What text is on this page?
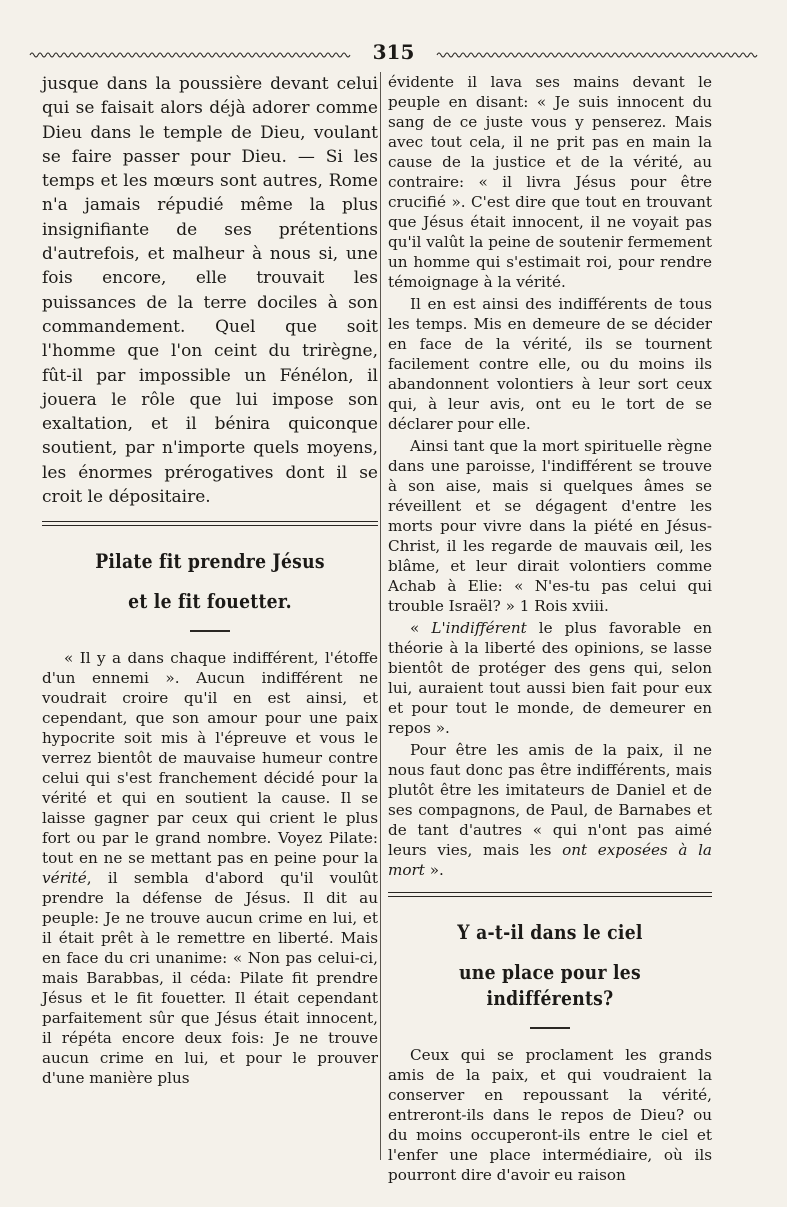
315

jusque dans la poussière devant celui qui se faisait alors déjà adorer comme Dieu dans le temple de Dieu, voulant se faire passer pour Dieu. — Si les temps et les mœurs sont autres, Rome n'a jamais répudié même la plus insignifiante de ses prétentions d'autrefois, et malheur à nous si, une fois encore, elle trouvait les puissances de la terre dociles à son commandement. Quel que soit l'homme que l'on ceint du trirègne, fût-il par impossible un Fénélon, il jouera le rôle que lui impose son exaltation, et il bénira quiconque soutient, par n'importe quels moyens, les énormes prérogatives dont il se croit le dépositaire.

Pilate fit prendre Jésus
et le fit fouetter.

« Il y a dans chaque indifférent, l'étoffe d'un ennemi ». Aucun indifférent ne voudrait croire qu'il en est ainsi, et cependant, que son amour pour une paix hypocrite soit mis à l'épreuve et vous le verrez bientôt de mauvaise humeur contre celui qui s'est franchement décidé pour la vérité et qui en soutient la cause. Il se laisse gagner par ceux qui crient le plus fort ou par le grand nombre. Voyez Pilate: tout en ne se mettant pas en peine pour la vérité, il sembla d'abord qu'il voulût prendre la défense de Jésus. Il dit au peuple: Je ne trouve aucun crime en lui, et il était prêt à le remettre en liberté. Mais en face du cri unanime: « Non pas celui-ci, mais Barabbas, il céda: Pilate fit prendre Jésus et le fit fouetter. Il était cependant parfaitement sûr que Jésus était innocent, il répéta encore deux fois: Je ne trouve aucun crime en lui, et pour le prouver d'une manière plus

évidente il lava ses mains devant le peuple en disant: « Je suis innocent du sang de ce juste vous y penserez. Mais avec tout cela, il ne prit pas en main la cause de la justice et de la vérité, au contraire: « il livra Jésus pour être crucifié ». C'est dire que tout en trouvant que Jésus était innocent, il ne voyait pas qu'il valût la peine de soutenir fermement un homme qui s'estimait roi, pour rendre témoignage à la vérité.

Il en est ainsi des indifférents de tous les temps. Mis en demeure de se décider en face de la vérité, ils se tournent facilement contre elle, ou du moins ils abandonnent volontiers à leur sort ceux qui, à leur avis, ont eu le tort de se déclarer pour elle.

Ainsi tant que la mort spirituelle règne dans une paroisse, l'indifférent se trouve à son aise, mais si quelques âmes se réveillent et se dégagent d'entre les morts pour vivre dans la piété en Jésus-Christ, il les regarde de mauvais œil, les blâme, et leur dirait volontiers comme Achab à Elie: « N'es-tu pas celui qui trouble Israël? » 1 Rois xviii.

« L'indifférent le plus favorable en théorie à la liberté des opinions, se lasse bientôt de protéger des gens qui, selon lui, auraient tout aussi bien fait pour eux et pour tout le monde, de demeurer en repos ».

Pour être les amis de la paix, il ne nous faut donc pas être indifférents, mais plutôt être les imitateurs de Daniel et de ses compagnons, de Paul, de Barnabes et de tant d'autres « qui n'ont pas aimé leurs vies, mais les ont exposées à la mort ».

Y a-t-il dans le ciel
une place pour les indifférents?

Ceux qui se proclament les grands amis de la paix, et qui voudraient la conserver en repoussant la vérité, entreront-ils dans le repos de Dieu? ou du moins occuperont-ils entre le ciel et l'enfer une place intermédiaire, où ils pourront dire d'avoir eu raison
